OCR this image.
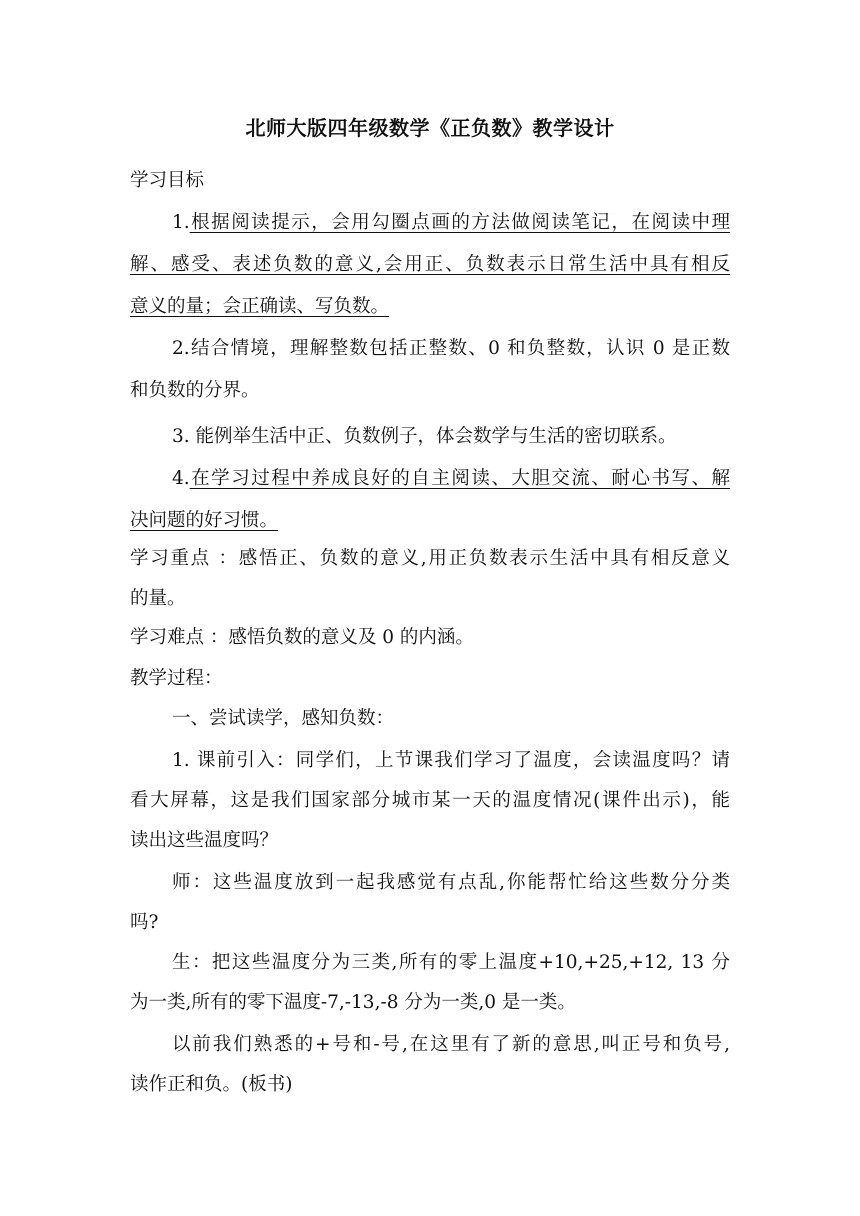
北师大版四年级数学《正负数》教学设计
学习目标
1.根据阅读提示，会用勾圈点画的方法做阅读笔记，在阅读中理
解、感受、表述负数的意义,会用正、负数表示日常生活中具有相反
意义的量；会正确读、写负数。
2.结合情境，理解整数包括正整数、0 和负整数，认识 0 是正数
和负数的分界。
3. 能例举生活中正、负数例子，体会数学与生活的密切联系。
4.在学习过程中养成良好的自主阅读、大胆交流、耐心书写、解
决问题的好习惯。
学习重点 ：感悟正、负数的意义,用正负数表示生活中具有相反意义
的量。
学习难点 ：感悟负数的意义及 0 的内涵。
教学过程：
一、尝试读学，感知负数：
1. 课前引入：同学们，上节课我们学习了温度，会读温度吗？请
看大屏幕，这是我们国家部分城市某一天的温度情况(课件出示)，能
读出这些温度吗？
师：这些温度放到一起我感觉有点乱,你能帮忙给这些数分分类
吗?
生：把这些温度分为三类,所有的零上温度+10,+25,+12, 13 分
为一类,所有的零下温度-7,-13,-8 分为一类,0 是一类。
以前我们熟悉的+号和-号,在这里有了新的意思,叫正号和负号,
读作正和负。(板书)
